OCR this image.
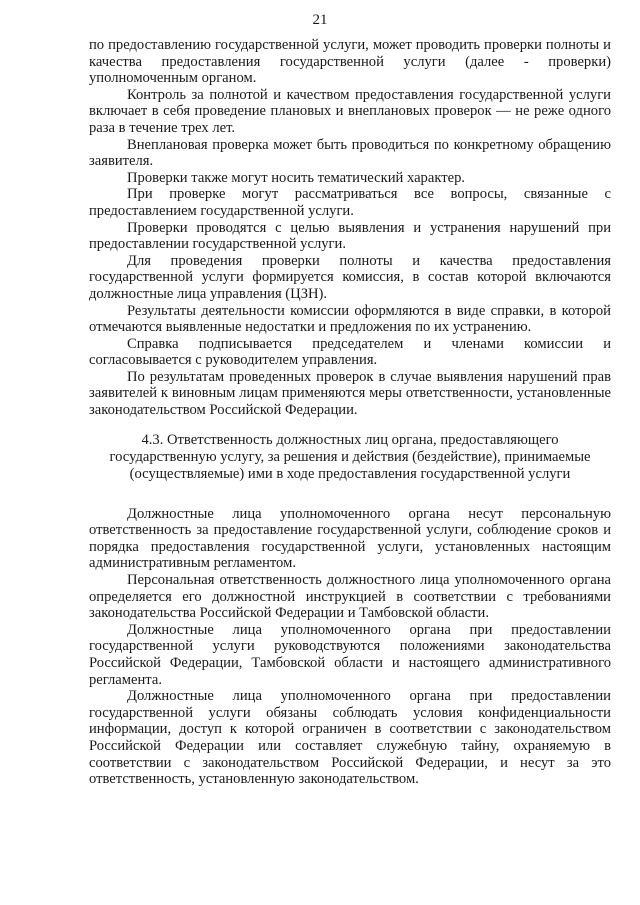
21

по предоставлению государственной услуги, может проводить проверки полноты и качества предоставления государственной услуги (далее - проверки) уполномоченным органом.

Контроль за полнотой и качеством предоставления государственной услуги включает в себя проведение плановых и внеплановых проверок — не реже одного раза в течение трех лет.

Внеплановая проверка может быть проводиться по конкретному обращению заявителя.

Проверки также могут носить тематический характер.

При проверке могут рассматриваться все вопросы, связанные с предоставлением государственной услуги.

Проверки проводятся с целью выявления и устранения нарушений при предоставлении государственной услуги.

Для проведения проверки полноты и качества предоставления государственной услуги формируется комиссия, в состав которой включаются должностные лица управления (ЦЗН).

Результаты деятельности комиссии оформляются в виде справки, в которой отмечаются выявленные недостатки и предложения по их устранению.

Справка подписывается председателем и членами комиссии и согласовывается с руководителем управления.

По результатам проведенных проверок в случае выявления нарушений прав заявителей к виновным лицам применяются меры ответственности, установленные законодательством Российской Федерации.

4.3. Ответственность должностных лиц органа, предоставляющего государственную услугу, за решения и действия (бездействие), принимаемые (осуществляемые) ими в ходе предоставления государственной услуги

Должностные лица уполномоченного органа несут персональную ответственность за предоставление государственной услуги, соблюдение сроков и порядка предоставления государственной услуги, установленных настоящим административным регламентом.

Персональная ответственность должностного лица уполномоченного органа определяется его должностной инструкцией в соответствии с требованиями законодательства Российской Федерации и Тамбовской области.

Должностные лица уполномоченного органа при предоставлении государственной услуги руководствуются положениями законодательства Российской Федерации, Тамбовской области и настоящего административного регламента.

Должностные лица уполномоченного органа при предоставлении государственной услуги обязаны соблюдать условия конфиденциальности информации, доступ к которой ограничен в соответствии с законодательством Российской Федерации или составляет служебную тайну, охраняемую в соответствии с законодательством Российской Федерации, и несут за это ответственность, установленную законодательством.
